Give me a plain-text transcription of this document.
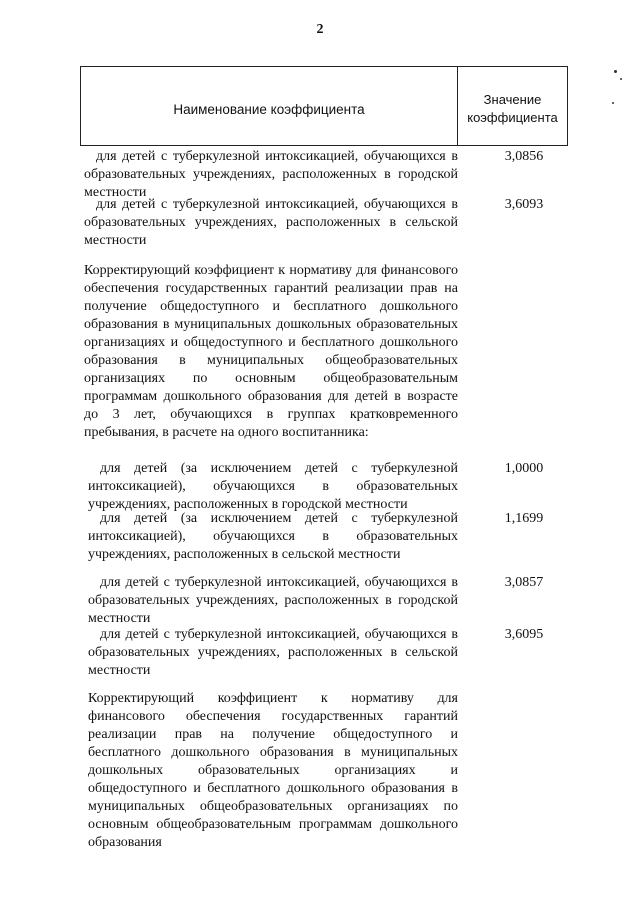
2
Наименование коэффициента
Значение
коэффициента
для детей с туберкулезной интоксикацией, обучающихся в образовательных учреждениях, расположенных в городской местности
3,0856
для детей с туберкулезной интоксикацией, обучающихся в образовательных учреждениях, расположенных в сельской местности
3,6093
Корректирующий коэффициент к нормативу для финансового обеспечения государственных гарантий реализации прав на получение общедоступного и бесплатного дошкольного образования в муниципальных дошкольных образовательных организациях и общедоступного и бесплатного дошкольного образования в муниципальных общеобразовательных организациях по основным общеобразовательным программам дошкольного образования для детей в возрасте до 3 лет, обучающихся в группах кратковременного пребывания, в расчете на одного воспитанника:
для детей (за исключением детей с туберкулезной интоксикацией), обучающихся в образовательных учреждениях, расположенных в городской местности
1,0000
для детей (за исключением детей с туберкулезной интоксикацией), обучающихся в образовательных учреждениях, расположенных в сельской местности
1,1699
для детей с туберкулезной интоксикацией, обучающихся в образовательных учреждениях, расположенных в городской местности
3,0857
для детей с туберкулезной интоксикацией, обучающихся в образовательных учреждениях, расположенных в сельской местности
3,6095
Корректирующий коэффициент к нормативу для финансового обеспечения государственных гарантий реализации прав на получение общедоступного и бесплатного дошкольного образования в муниципальных дошкольных образовательных организациях и общедоступного и бесплатного дошкольного образования в муниципальных общеобразовательных организациях по основным общеобразовательным программам дошкольного образования
